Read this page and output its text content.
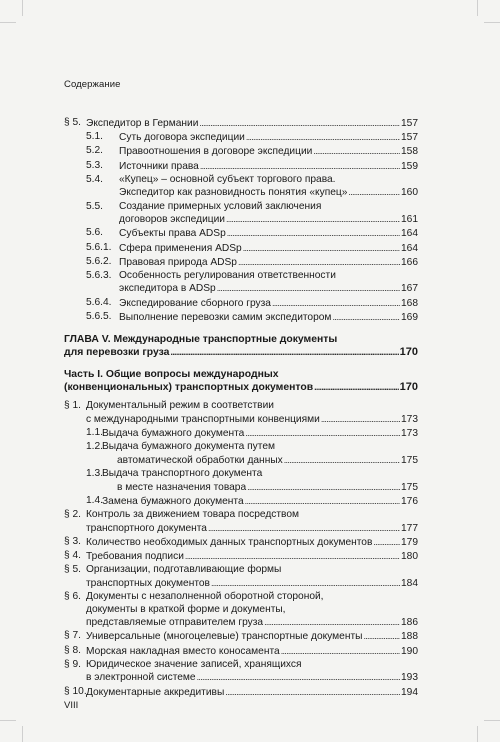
Содержание
§ 5. Экспедитор в Германии . . .	157
5.1. Суть договора экспедиции . . .	157
5.2. Правоотношения в договоре экспедиции . . .	158
5.3. Источники права . . .	159
5.4. «Купец» – основной субъект торгового права.
Экспедитор как разновидность понятия «купец» . . .	160
5.5. Создание примерных условий заключения
договоров экспедиции . . .	161
5.6. Субъекты права ADSp . . .	164
5.6.1. Сфера применения ADSp . . .	164
5.6.2. Правовая природа ADSp . . .	166
5.6.3. Особенность регулирования ответственности
экспедитора в ADSp . . .	167
5.6.4. Экспедирование сборного груза . . .	168
5.6.5. Выполнение перевозки самим экспедитором . . .	169
ГЛАВА V. Международные транспортные документы
для перевозки груза . . .	170
Часть I. Общие вопросы международных
(конвенциональных) транспортных документов . . .	170
§ 1. Документальный режим в соответствии
с международными транспортными конвенциями . . .	173
1.1. Выдача бумажного документа . . .	173
1.2. Выдача бумажного документа путем
автоматической обработки данных . . .	175
1.3. Выдача транспортного документа
в месте назначения товара . . .	175
1.4. Замена бумажного документа . . .	176
§ 2. Контроль за движением товара посредством
транспортного документа . . .	177
§ 3. Количество необходимых данных транспортных документов . . .	179
§ 4. Требования подписи . . .	180
§ 5. Организации, подготавливающие формы
транспортных документов . . .	184
§ 6. Документы с незаполненной оборотной стороной,
документы в краткой форме и документы,
представляемые отправителем груза . . .	186
§ 7. Универсальные (многоцелевые) транспортные документы . . .	188
§ 8. Морская накладная вместо коносамента . . .	190
§ 9. Юридическое значение записей, хранящихся
в электронной системе . . .	193
§ 10. Документарные аккредитивы . . .	194
VIII
